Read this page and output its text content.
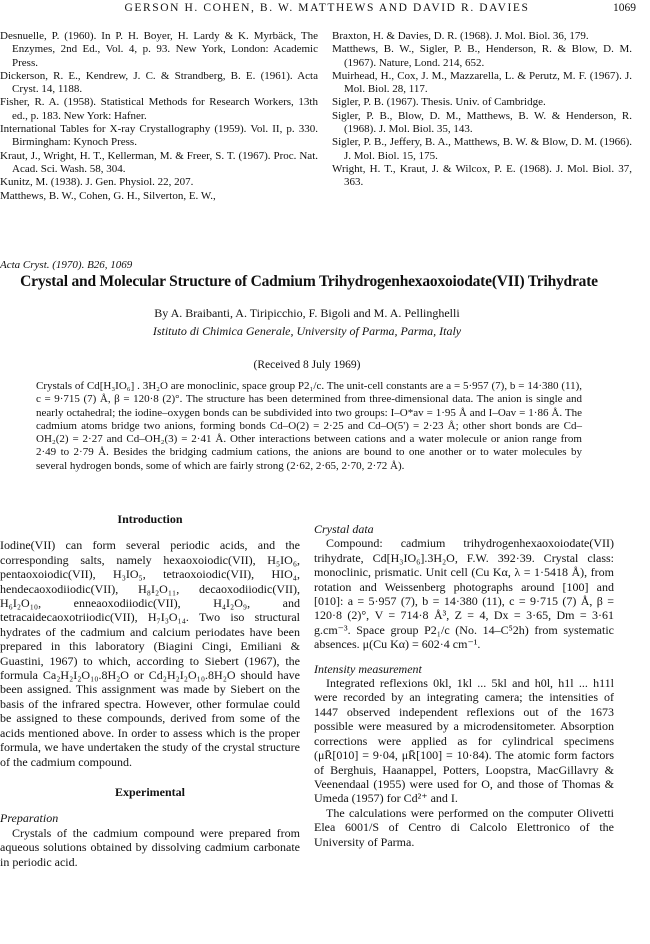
GERSON H. COHEN, B. W. MATTHEWS AND DAVID R. DAVIES	1069
Desnuelle, P. (1960). In P. H. Boyer, H. Lardy & K. Myrbäck, The Enzymes, 2nd Ed., Vol. 4, p. 93. New York, London: Academic Press.
Dickerson, R. E., Kendrew, J. C. & Strandberg, B. E. (1961). Acta Cryst. 14, 1188.
Fisher, R. A. (1958). Statistical Methods for Research Workers, 13th ed., p. 183. New York: Hafner.
International Tables for X-ray Crystallography (1959). Vol. II, p. 330. Birmingham: Kynoch Press.
Kraut, J., Wright, H. T., Kellerman, M. & Freer, S. T. (1967). Proc. Nat. Acad. Sci. Wash. 58, 304.
Kunitz, M. (1938). J. Gen. Physiol. 22, 207.
Matthews, B. W., Cohen, G. H., Silverton, E. W.,
Braxton, H. & Davies, D. R. (1968). J. Mol. Biol. 36, 179.
Matthews, B. W., Sigler, P. B., Henderson, R. & Blow, D. M. (1967). Nature, Lond. 214, 652.
Muirhead, H., Cox, J. M., Mazzarella, L. & Perutz, M. F. (1967). J. Mol. Biol. 28, 117.
Sigler, P. B. (1967). Thesis. Univ. of Cambridge.
Sigler, P. B., Blow, D. M., Matthews, B. W. & Henderson, R. (1968). J. Mol. Biol. 35, 143.
Sigler, P. B., Jeffery, B. A., Matthews, B. W. & Blow, D. M. (1966). J. Mol. Biol. 15, 175.
Wright, H. T., Kraut, J. & Wilcox, P. E. (1968). J. Mol. Biol. 37, 363.
Acta Cryst. (1970). B26, 1069
Crystal and Molecular Structure of Cadmium Trihydrogenhexaoxoiodate(VII) Trihydrate
By A. Braibanti, A. Tiripicchio, F. Bigoli and M. A. Pellinghelli
Istituto di Chimica Generale, University of Parma, Parma, Italy
(Received 8 July 1969)
Crystals of Cd[H₃IO₆] . 3H₂O are monoclinic, space group P2₁/c. The unit-cell constants are a = 5·957 (7), b = 14·380 (11), c = 9·715 (7) Å, β = 120·8 (2)°. The structure has been determined from three-dimensional data. The anion is single and nearly octahedral; the iodine–oxygen bonds can be subdivided into two groups: I–O*av = 1·95 Å and I–Oav = 1·86 Å. The cadmium atoms bridge two anions, forming bonds Cd–O(2) = 2·25 and Cd–O(5') = 2·23 Å; other short bonds are Cd–OH₂(2) = 2·27 and Cd–OH₂(3) = 2·41 Å. Other interactions between cations and a water molecule or anion range from 2·49 to 2·79 Å. Besides the bridging cadmium cations, the anions are bound to one another or to water molecules by several hydrogen bonds, some of which are fairly strong (2·62, 2·65, 2·70, 2·72 Å).
Introduction

Iodine(VII) can form several periodic acids, and the corresponding salts, namely hexaoxoiodic(VII), H₅IO₆, pentaoxoiodic(VII), H₃IO₅, tetraoxoiodic(VII), HIO₄, hendecaoxodiiodic(VII), H₈I₂O₁₁, decaoxodiiodic(VII), H₆I₂O₁₀, enneaoxodiiodic(VII), H₄I₂O₉, and tetracaidecaoxotriiodic(VII), H₇I₃O₁₄. Two iso structural hydrates of the cadmium and calcium periodates have been prepared in this laboratory (Biagini Cingi, Emiliani & Guastini, 1967) to which, according to Siebert (1967), the formula Ca₂H₂I₂O₁₀.8H₂O or Cd₂H₂I₂O₁₀.8H₂O should have been assigned. This assignment was made by Siebert on the basis of the infrared spectra. However, other formulae could be assigned to these compounds, derived from some of the acids mentioned above. In order to assess which is the proper formula, we have undertaken the study of the crystal structure of the cadmium compound.

Experimental
Preparation

Crystals of the cadmium compound were prepared from aqueous solutions obtained by dissolving cadmium carbonate in periodic acid.

Crystal data

Compound: cadmium trihydrogenhexaoxoiodate(VII) trihydrate, Cd[H₃IO₆].3H₂O, F.W. 392·39. Crystal class: monoclinic, prismatic. Unit cell (Cu Kα, λ = 1·5418 Å), from rotation and Weissenberg photographs around [100] and [010]: a = 5·957 (7), b = 14·380 (11), c = 9·715 (7) Å, β = 120·8 (2)°, V = 714·8 Å³, Z = 4, Dx = 3·65, Dm = 3·61 g.cm⁻³. Space group P2₁/c (No. 14–C⁵2h) from systematic absences. μ(Cu Kα) = 602·4 cm⁻¹.

Intensity measurement

Integrated reflexions 0kl, 1kl ... 5kl and h0l, h1l ... h11l were recorded by an integrating camera; the intensities of 1447 observed independent reflexions out of the 1673 possible were measured by a microdensitometer. Absorption corrections were applied as for cylindrical specimens (μR̄[010] = 9·04, μR̄[100] = 10·84). The atomic form factors of Berghuis, Haanappel, Potters, Loopstra, MacGillavry & Veenendaal (1955) were used for O, and those of Thomas & Umeda (1957) for Cd²⁺ and I.

The calculations were performed on the computer Olivetti Elea 6001/S of Centro di Calcolo Elettronico of the University of Parma.
